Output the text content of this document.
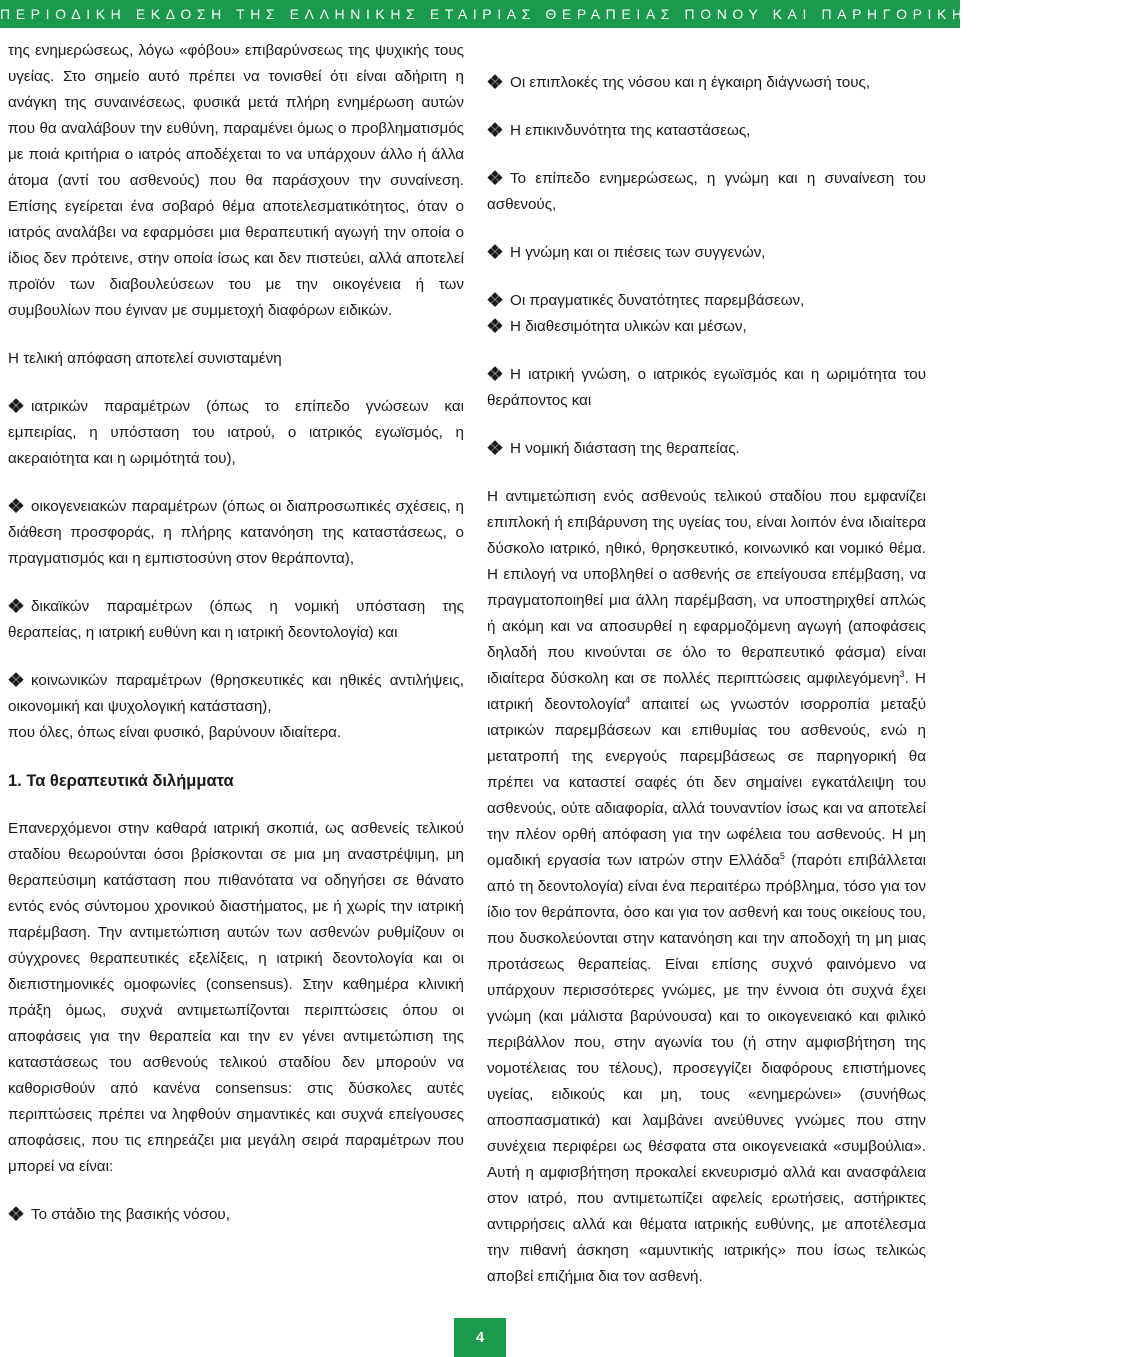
ΠΕΡΙΟΔΙΚΗ ΕΚΔΟΣΗ ΤΗΣ ΕΛΛΗΝΙΚΗΣ ΕΤΑΙΡΙΑΣ ΘΕΡΑΠΕΙΑΣ ΠΟΝΟΥ ΚΑΙ ΠΑΡΗΓΟΡΙΚΗΣ ΦΡΟΝΤΙΔΑΣ

της ενημερώσεως, λόγω «φόβου» επιβαρύνσεως της ψυχικής τους υγείας. Στο σημείο αυτό πρέπει να τονισθεί ότι είναι αδήριτη η ανάγκη της συναινέσεως, φυσικά μετά πλήρη ενημέρωση αυτών που θα αναλάβουν την ευθύνη, παραμένει όμως ο προβληματισμός με ποιά κριτήρια ο ιατρός αποδέχεται το να υπάρχουν άλλο ή άλλα άτομα (αντί του ασθενούς) που θα παράσχουν την συναίνεση. Επίσης εγείρεται ένα σοβαρό θέμα αποτελεσματικότητος, όταν ο ιατρός αναλάβει να εφαρμόσει μια θεραπευτική αγωγή την οποία ο ίδιος δεν πρότεινε, στην οποία ίσως και δεν πιστεύει, αλλά αποτελεί προϊόν των διαβουλεύσεων του με την οικογένεια ή των συμβουλίων που έγιναν με συμμετοχή διαφόρων ειδικών.

Η τελική απόφαση αποτελεί συνισταμένη

ιατρικών παραμέτρων (όπως το επίπεδο γνώσεων και εμπειρίας, η υπόσταση του ιατρού, ο ιατρικός εγωϊσμός, η ακεραιότητα και η ωριμότητά του),

οικογενειακών παραμέτρων (όπως οι διαπροσωπικές σχέσεις, η διάθεση προσφοράς, η πλήρης κατανόηση της καταστάσεως, ο πραγματισμός και η εμπιστοσύνη στον θεράποντα),

δικαϊκών παραμέτρων (όπως η νομική υπόσταση της θεραπείας, η ιατρική ευθύνη και η ιατρική δεοντολογία) και

κοινωνικών παραμέτρων (θρησκευτικές και ηθικές αντιλήψεις, οικονομική και ψυχολογική κατάσταση),

που όλες, όπως είναι φυσικό, βαρύνουν ιδιαίτερα.

1. Τα θεραπευτικά διλήμματα

Επανερχόμενοι στην καθαρά ιατρική σκοπιά, ως ασθενείς τελικού σταδίου θεωρούνται όσοι βρίσκονται σε μια μη αναστρέψιμη, μη θεραπεύσιμη κατάσταση που πιθανότατα να οδηγήσει σε θάνατο εντός ενός σύντομου χρονικού διαστήματος, με ή χωρίς την ιατρική παρέμβαση. Την αντιμετώπιση αυτών των ασθενών ρυθμίζουν οι σύγχρονες θεραπευτικές εξελίξεις, η ιατρική δεοντολογία και οι διεπιστημονικές ομοφωνίες (consensus). Στην καθημέρα κλινική πράξη όμως, συχνά αντιμετωπίζονται περιπτώσεις όπου οι αποφάσεις για την θεραπεία και την εν γένει αντιμετώπιση της καταστάσεως του ασθενούς τελικού σταδίου δεν μπορούν να καθορισθούν από κανένα consensus: στις δύσκολες αυτές περιπτώσεις πρέπει να ληφθούν σημαντικές και συχνά επείγουσες αποφάσεις, που τις επηρεάζει μια μεγάλη σειρά παραμέτρων που μπορεί να είναι:

Το στάδιο της βασικής νόσου,

Οι επιπλοκές της νόσου και η έγκαιρη διάγνωσή τους,

Η επικινδυνότητα της καταστάσεως,

Το επίπεδο ενημερώσεως, η γνώμη και η συναίνεση του ασθενούς,

Η γνώμη και οι πιέσεις των συγγενών,

Οι πραγματικές δυνατότητες παρεμβάσεων,

Η διαθεσιμότητα υλικών και μέσων,

Η ιατρική γνώση, ο ιατρικός εγωϊσμός και η ωριμότητα του θεράποντος και

Η νομική διάσταση της θεραπείας.

Η αντιμετώπιση ενός ασθενούς τελικού σταδίου που εμφανίζει επιπλοκή ή επιβάρυνση της υγείας του, είναι λοιπόν ένα ιδιαίτερα δύσκολο ιατρικό, ηθικό, θρησκευτικό, κοινωνικό και νομικό θέμα. Η επιλογή να υποβληθεί ο ασθενής σε επείγουσα επέμβαση, να πραγματοποιηθεί μια άλλη παρέμβαση, να υποστηριχθεί απλώς ή ακόμη και να αποσυρθεί η εφαρμοζόμενη αγωγή (αποφάσεις δηλαδή που κινούνται σε όλο το θεραπευτικό φάσμα) είναι ιδιαίτερα δύσκολη και σε πολλές περιπτώσεις αμφιλεγόμενη$^3$. Η ιατρική δεοντολογία$^4$ απαιτεί ως γνωστόν ισορροπία μεταξύ ιατρικών παρεμβάσεων και επιθυμίας του ασθενούς, ενώ η μετατροπή της ενεργούς παρεμβάσεως σε παρηγορική θα πρέπει να καταστεί σαφές ότι δεν σημαίνει εγκατάλειψη του ασθενούς, ούτε αδιαφορία, αλλά τουναντίον ίσως και να αποτελεί την πλέον ορθή απόφαση για την ωφέλεια του ασθενούς. Η μη ομαδική εργασία των ιατρών στην Ελλάδα$^5$ (παρότι επιβάλλεται από τη δεοντολογία) είναι ένα περαιτέρω πρόβλημα, τόσο για τον ίδιο τον θεράποντα, όσο και για τον ασθενή και τους οικείους του, που δυσκολεύονται στην κατανόηση και την αποδοχή τη μη μιας προτάσεως θεραπείας. Είναι επίσης συχνό φαινόμενο να υπάρχουν περισσότερες γνώμες, με την έννοια ότι συχνά έχει γνώμη (και μάλιστα βαρύνουσα) και το οικογενειακό και φιλικό περιβάλλον που, στην αγωνία του (ή στην αμφισβήτηση της νομοτέλειας του τέλους), προσεγγίζει διαφόρους επιστήμονες υγείας, ειδικούς και μη, τους «ενημερώνει» (συνήθως αποσπασματικά) και λαμβάνει ανεύθυνες γνώμες που στην συνέχεια περιφέρει ως θέσφατα στα οικογενειακά «συμβούλια». Αυτή η αμφισβήτηση προκαλεί εκνευρισμό αλλά και ανασφάλεια στον ιατρό, που αντιμετωπίζει αφελείς ερωτήσεις, αστήρικτες αντιρρήσεις αλλά και θέματα ιατρικής ευθύνης, με αποτέλεσμα την πιθανή άσκηση «αμυντικής ιατρικής» που ίσως τελικώς αποβεί επιζήμια δια τον ασθενή.

4
